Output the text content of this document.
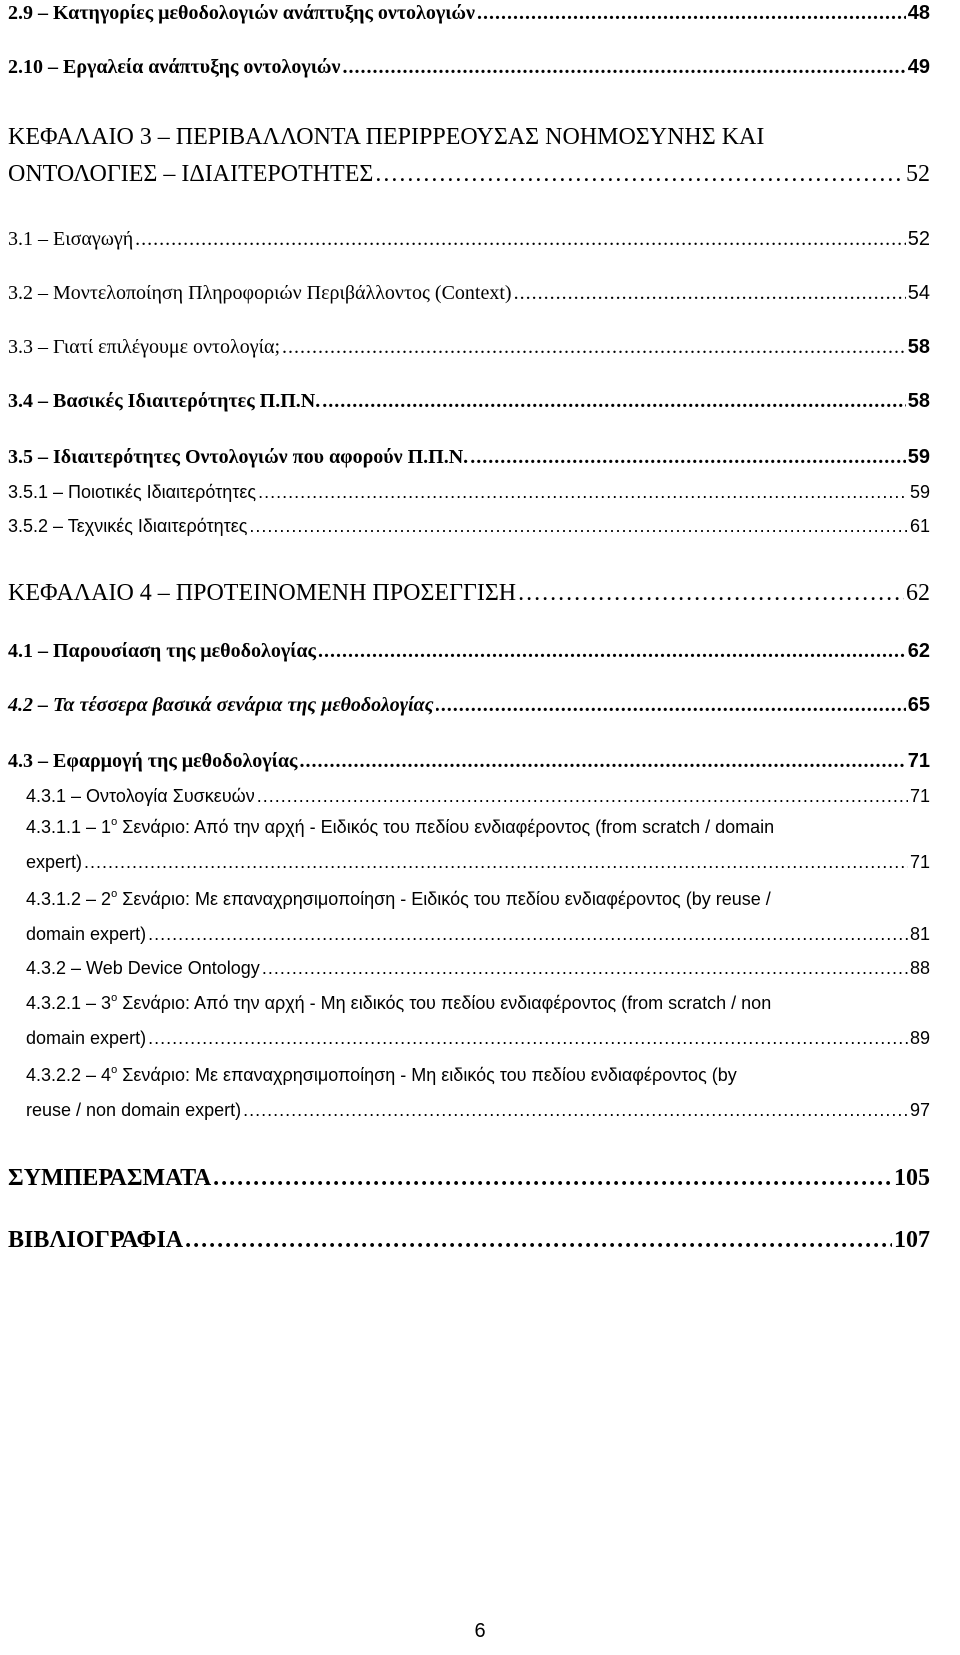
2.9 – Κατηγορίες μεθοδολογιών ανάπτυξης οντολογιών . . .	48
2.10 – Εργαλεία ανάπτυξης οντολογιών . . .	49
ΚΕΦΑΛΑΙΟ 3 – ΠΕΡΙΒΑΛΛΟΝΤΑ ΠΕΡΙΡΡΕΟΥΣΑΣ ΝΟΗΜΟΣΥΝΗΣ ΚΑΙ
ΟΝΤΟΛΟΓΙΕΣ – ΙΔΙΑΙΤΕΡΟΤΗΤΕΣ . . .	52
3.1 – Εισαγωγή . . .	52
3.2 – Μοντελοποίηση Πληροφοριών Περιβάλλοντος (Context) . . .	54
3.3 – Γιατί επιλέγουμε οντολογία; . . .	58
3.4 – Βασικές Ιδιαιτερότητες Π.Π.Ν. . . .	58
3.5 – Ιδιαιτερότητες Οντολογιών που αφορούν Π.Π.Ν. . . .	59
3.5.1 – Ποιοτικές Ιδιαιτερότητες . . .	59
3.5.2 – Τεχνικές Ιδιαιτερότητες . . .	61
ΚΕΦΑΛΑΙΟ 4 – ΠΡΟΤΕΙΝΟΜΕΝΗ ΠΡΟΣΕΓΓΙΣΗ . . .	62
4.1 – Παρουσίαση της μεθοδολογίας . . .	62
4.2 – Τα τέσσερα βασικά σενάρια της μεθοδολογίας . . .	65
4.3 – Εφαρμογή της μεθοδολογίας . . .	71
4.3.1 – Οντολογία Συσκευών . . .	71
$4.3.1.1 - 1^o$ Σενάριο: Από την αρχή - Ειδικός του πεδίου ενδιαφέροντος (from scratch / domain
expert) . . .	71
$4.3.1.2 - 2^o$ Σενάριο: Με επαναχρησιμοποίηση - Ειδικός του πεδίου ενδιαφέροντος (by reuse /
domain expert) . . .	81
4.3.2 – Web Device Ontology . . .	88
$4.3.2.1 - 3^o$ Σενάριο: Από την αρχή - Μη ειδικός του πεδίου ενδιαφέροντος (from scratch / non
domain expert) . . .	89
$4.3.2.2 - 4^o$ Σενάριο: Με επαναχρησιμοποίηση - Μη ειδικός του πεδίου ενδιαφέροντος (by
reuse / non domain expert) . . .	97
ΣΥΜΠΕΡΑΣΜΑΤΑ . . .	105
ΒΙΒΛΙΟΓΡΑΦΙΑ . . .	107
6
